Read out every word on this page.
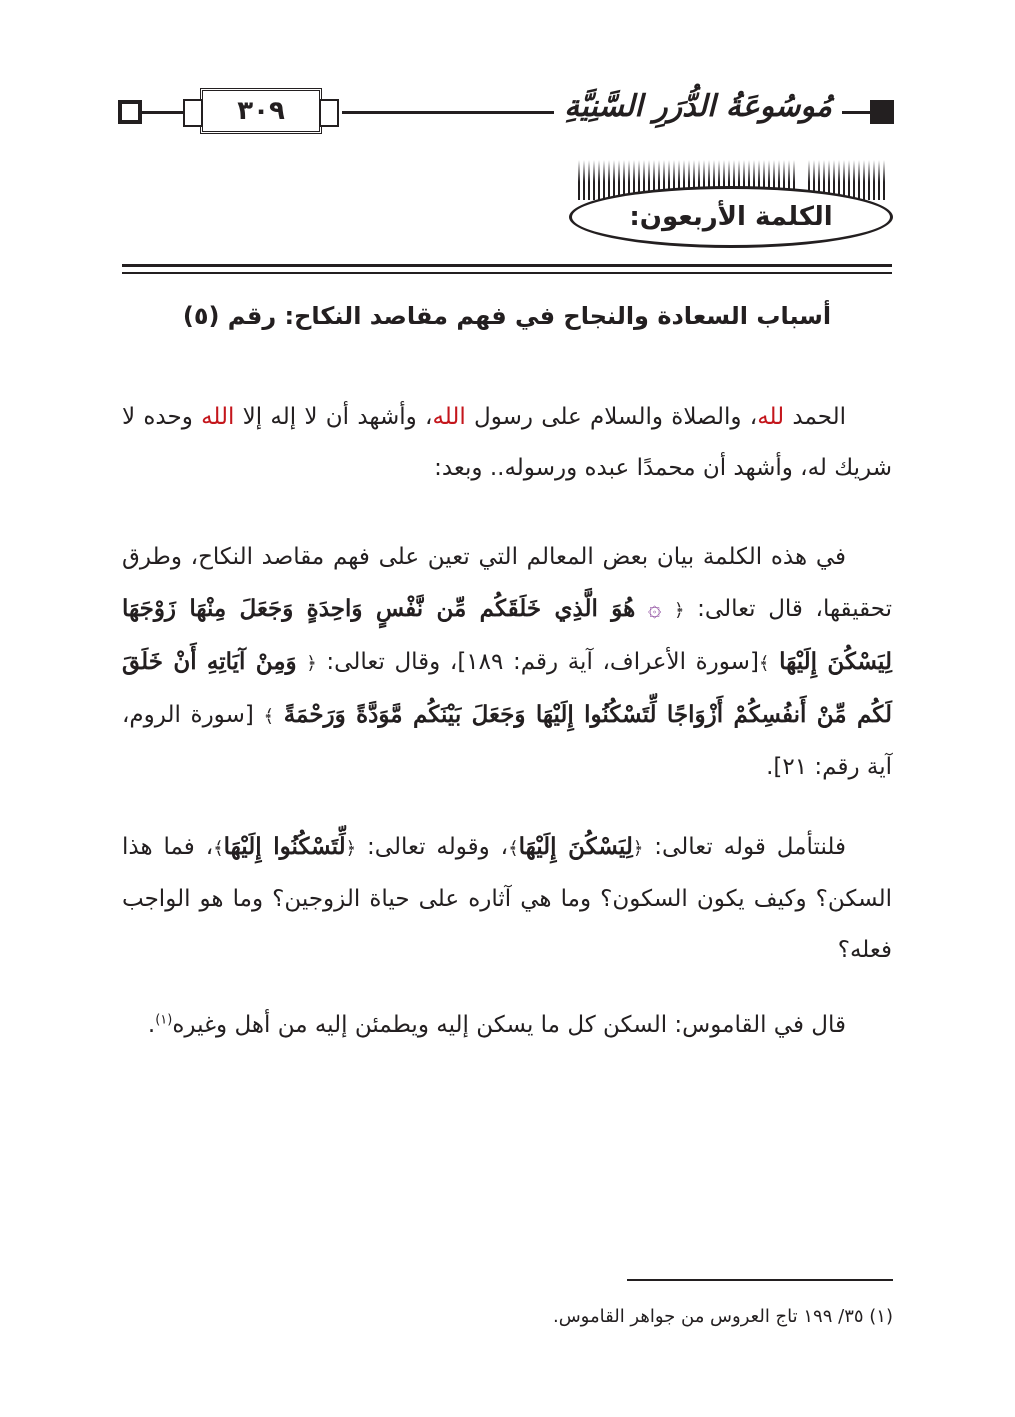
٣٠٩	مُوسُوعَةُ الدُّرَرِ السَّنِيَّةِ
الكلمة الأربعون:
أسباب السعادة والنجاح في فهم مقاصد النكاح: رقم (٥)

الحمد لله، والصلاة والسلام على رسول الله، وأشهد أن لا إله إلا الله وحده لا شريك له، وأشهد أن محمدًا عبده ورسوله.. وبعد:

في هذه الكلمة بيان بعض المعالم التي تعين على فهم مقاصد النكاح، وطرق تحقيقها، قال تعالى: ﴿ ۞ هُوَ الَّذِي خَلَقَكُم مِّن نَّفْسٍ وَاحِدَةٍ وَجَعَلَ مِنْهَا زَوْجَهَا لِيَسْكُنَ إِلَيْهَا ﴾[سورة الأعراف، آية رقم: ١٨٩]، وقال تعالى: ﴿ وَمِنْ آيَاتِهِ أَنْ خَلَقَ لَكُم مِّنْ أَنفُسِكُمْ أَزْوَاجًا لِّتَسْكُنُوا إِلَيْهَا وَجَعَلَ بَيْنَكُم مَّوَدَّةً وَرَحْمَةً ﴾ [سورة الروم، آية رقم: ٢١].

فلنتأمل قوله تعالى: ﴿لِيَسْكُنَ إِلَيْهَا﴾، وقوله تعالى: ﴿لِّتَسْكُنُوا إِلَيْهَا﴾، فما هذا السكن؟ وكيف يكون السكون؟ وما هي آثاره على حياة الزوجين؟ وما هو الواجب فعله؟

قال في القاموس: السكن كل ما يسكن إليه ويطمئن إليه من أهل وغيره$^{(١)}$.

(١) ٣٥/ ١٩٩ تاج العروس من جواهر القاموس.
